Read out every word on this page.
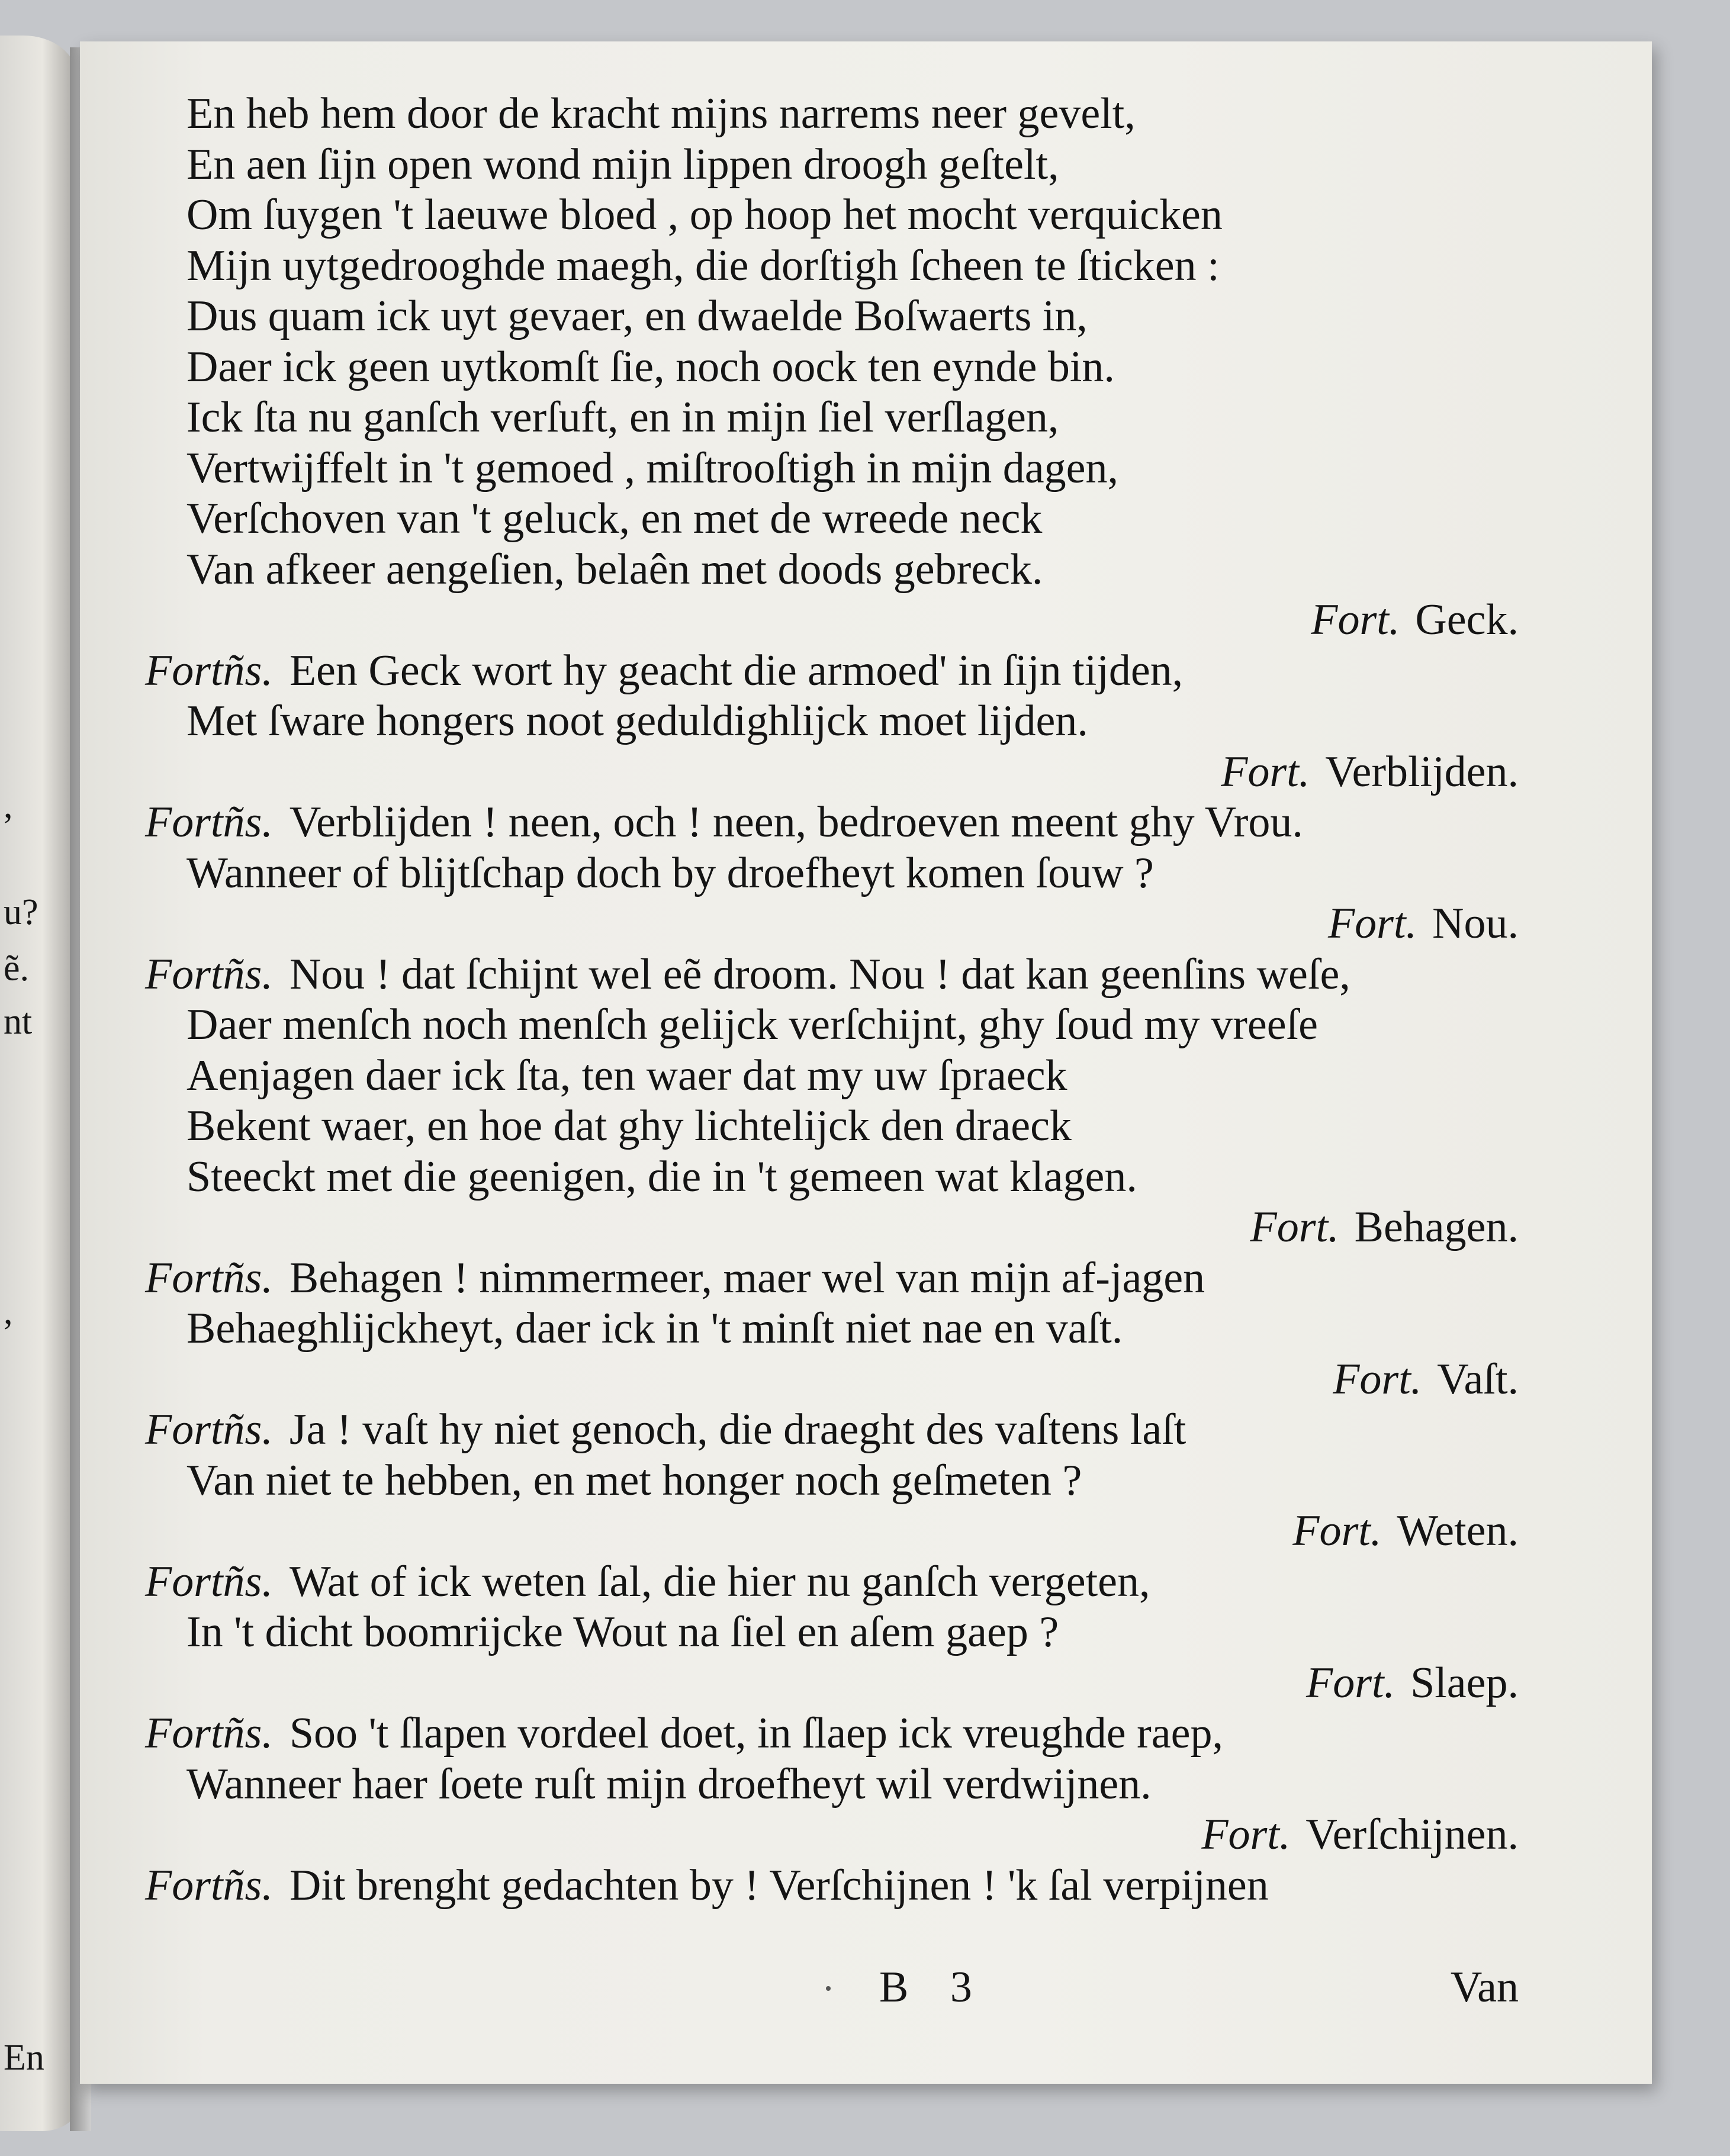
,
u?
ẽ.
nt
,
En
En heb hem door de kracht mijns narrems neer gevelt,
En aen ſijn open wond mijn lippen droogh geſtelt,
Om ſuygen 't laeuwe bloed , op hoop het mocht verquicken
Mijn uytgedrooghde maegh, die dorſtigh ſcheen te ſticken :
Dus quam ick uyt gevaer, en dwaelde Boſwaerts in,
Daer ick geen uytkomſt ſie, noch oock ten eynde bin.
Ick ſta nu ganſch verſuft, en in mijn ſiel verſlagen,
Vertwijffelt in 't gemoed , miſtrooſtigh in mijn dagen,
Verſchoven van 't geluck, en met de wreede neck
Van afkeer aengeſien, belaên met doods gebreck.
Fort. Geck.
Fortñs. Een Geck wort hy geacht die armoed' in ſijn tijden,
Met ſware hongers noot geduldighlijck moet lijden.
Fort. Verblijden.
Fortñs. Verblijden ! neen, och ! neen, bedroeven meent ghy Vrou.
Wanneer of blijtſchap doch by droefheyt komen ſouw ?
Fort. Nou.
Fortñs. Nou ! dat ſchijnt wel eẽ droom. Nou ! dat kan geenſins weſe,
Daer menſch noch menſch gelijck verſchijnt, ghy ſoud my vreeſe
Aenjagen daer ick ſta, ten waer dat my uw ſpraeck
Bekent waer, en hoe dat ghy lichtelijck den draeck
Steeckt met die geenigen, die in 't gemeen wat klagen.
Fort. Behagen.
Fortñs. Behagen ! nimmermeer, maer wel van mijn af-jagen
Behaeghlijckheyt, daer ick in 't minſt niet nae en vaſt.
Fort. Vaſt.
Fortñs. Ja ! vaſt hy niet genoch, die draeght des vaſtens laſt
Van niet te hebben, en met honger noch geſmeten ?
Fort. Weten.
Fortñs. Wat of ick weten ſal, die hier nu ganſch vergeten,
In 't dicht boomrijcke Wout na ſiel en aſem gaep ?
Fort. Slaep.
Fortñs. Soo 't ſlapen vordeel doet, in ſlaep ick vreughde raep,
Wanneer haer ſoete ruſt mijn droefheyt wil verdwijnen.
Fort. Verſchijnen.
Fortñs. Dit brenght gedachten by ! Verſchijnen ! 'k ſal verpijnen
B 3	Van
